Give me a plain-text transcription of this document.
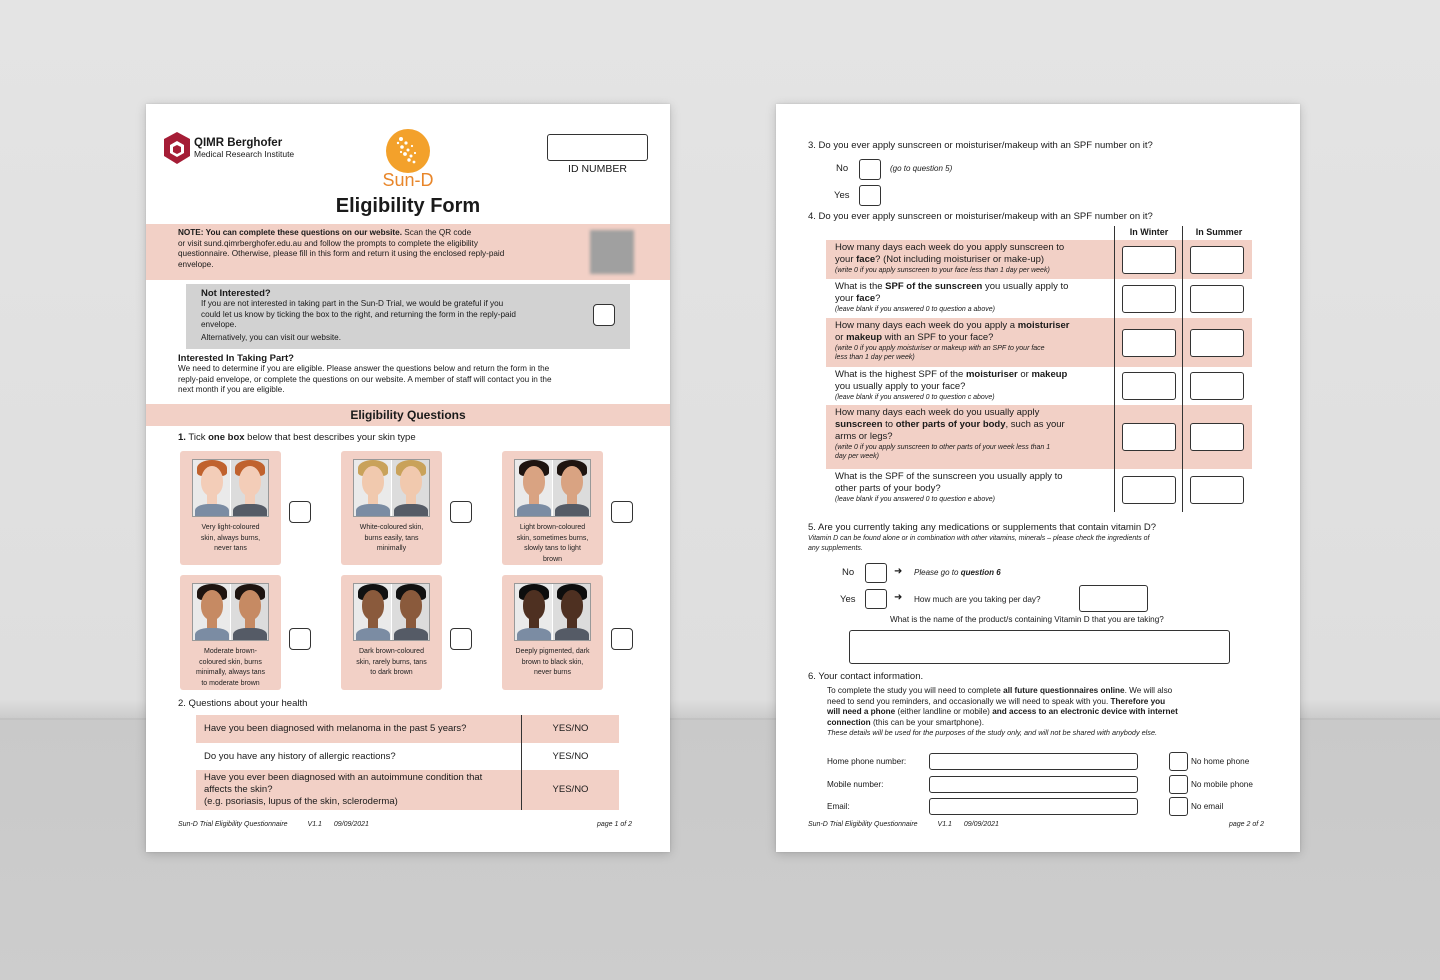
QIMR Berghofer
Medical Research Institute
Sun-D
Eligibility Form
ID NUMBER
NOTE: You can complete these questions on our website. Scan the QR code
or visit sund.qimrberghofer.edu.au and follow the prompts to complete the eligibility
questionnaire. Otherwise, please fill in this form and return it using the enclosed reply-paid
envelope.
Not Interested?
If you are not interested in taking part in the Sun-D Trial, we would be grateful if you
could let us know by ticking the box to the right, and returning the form in the reply-paid
envelope.
Alternatively, you can visit our website.
Interested In Taking Part?
We need to determine if you are eligible. Please answer the questions below and return the form in the
reply-paid envelope, or complete the questions on our website. A member of staff will contact you in the
next month if you are eligible.
Eligibility Questions
1. Tick one box below that best describes your skin type
2. Questions about your health
Sun-D Trial Eligibility Questionnaire	V1.1 09/09/2021	page 1 of 2
Very light-coloured
skin, always burns,
never tans
White-coloured skin,
burns easily, tans
minimally
Light brown-coloured
skin, sometimes burns,
slowly tans to light
brown
Moderate brown-
coloured skin, burns
minimally, always tans
to moderate brown
Dark brown-coloured
skin, rarely burns, tans
to dark brown
Deeply pigmented, dark
brown to black skin,
never burns
Have you been diagnosed with melanoma in the past 5 years?	YES/NO
Do you have any history of allergic reactions?	YES/NO
Have you ever been diagnosed with an autoimmune condition that
affects the skin?
(e.g. psoriasis, lupus of the skin, scleroderma)
YES/NO
3. Do you ever apply sunscreen or moisturiser/makeup with an SPF number on it?
No	(go to question 5)
Yes
4. Do you ever apply sunscreen or moisturiser/makeup with an SPF number on it?
In Winter	In Summer
5. Are you currently taking any medications or supplements that contain vitamin D?
Vitamin D can be found alone or in combination with other vitamins, minerals – please check the ingredients of
any supplements.
No	➜ Please go to question 6
Yes	➜ How much are you taking per day?
What is the name of the product/s containing Vitamin D that you are taking?
6. Your contact information.
To complete the study you will need to complete all future questionnaires online. We will also
need to send you reminders, and occasionally we will need to speak with you. Therefore you
will need a phone (either landline or mobile) and access to an electronic device with internet
connection (this can be your smartphone).
These details will be used for the purposes of the study only, and will not be shared with anybody else.
Sun-D Trial Eligibility Questionnaire	V1.1 09/09/2021	page 2 of 2
How many days each week do you apply sunscreen to
your face? (Not including moisturiser or make-up)
(write 0 if you apply sunscreen to your face less than 1 day per week)
What is the SPF of the sunscreen you usually apply to
your face?
(leave blank if you answered 0 to question a above)
How many days each week do you apply a moisturiser
or makeup with an SPF to your face?
(write 0 if you apply moisturiser or makeup with an SPF to your face
less than 1 day per week)
What is the highest SPF of the moisturiser or makeup
you usually apply to your face?
(leave blank if you answered 0 to question c above)
How many days each week do you usually apply
sunscreen to other parts of your body, such as your
arms or legs?
(write 0 if you apply sunscreen to other parts of your week less than 1
day per week)
What is the SPF of the sunscreen you usually apply to
other parts of your body?
(leave blank if you answered 0 to question e above)
Home phone number:	No home phone
Mobile number:	No mobile phone
Email:	No email
